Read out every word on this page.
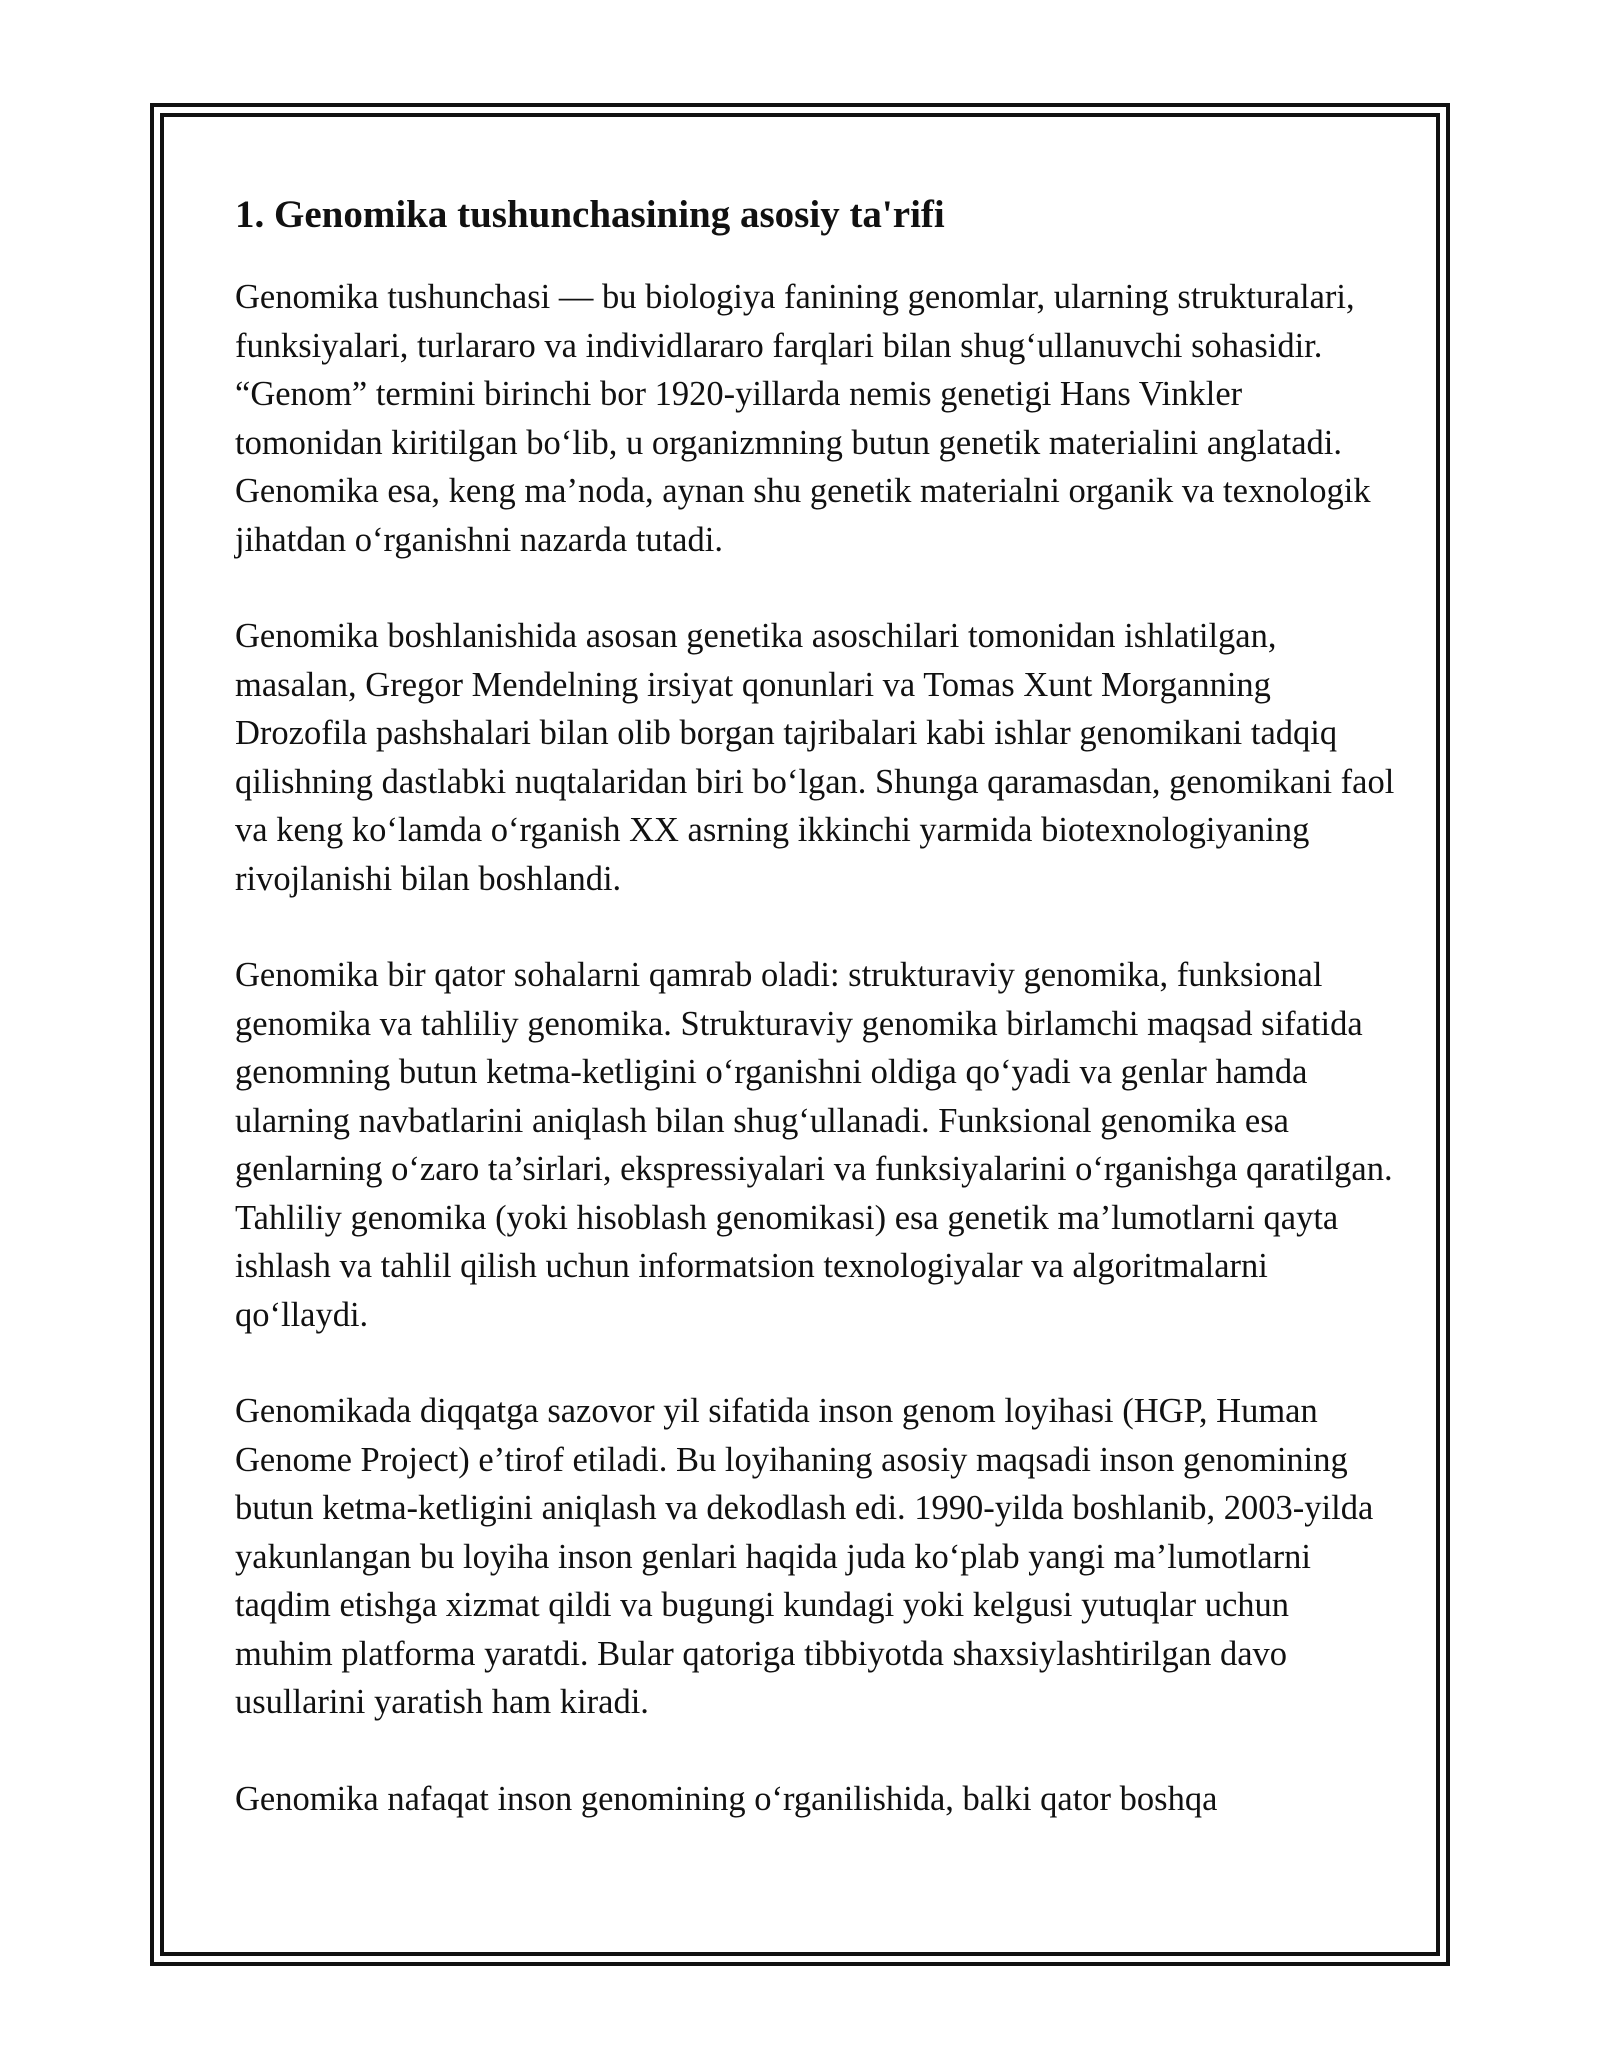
1. Genomika tushunchasining asosiy ta'rifi

Genomika tushunchasi — bu biologiya fanining genomlar, ularning strukturalari, funksiyalari, turlararo va individlararo farqlari bilan shug‘ullanuvchi sohasidir. “Genom” termini birinchi bor 1920-yillarda nemis genetigi Hans Vinkler tomonidan kiritilgan bo‘lib, u organizmning butun genetik materialini anglatadi. Genomika esa, keng ma’noda, aynan shu genetik materialni organik va texnologik jihatdan o‘rganishni nazarda tutadi.

Genomika boshlanishida asosan genetika asoschilari tomonidan ishlatilgan, masalan, Gregor Mendelning irsiyat qonunlari va Tomas Xunt Morganning Drozofila pashshalari bilan olib borgan tajribalari kabi ishlar genomikani tadqiq qilishning dastlabki nuqtalaridan biri bo‘lgan. Shunga qaramasdan, genomikani faol va keng ko‘lamda o‘rganish XX asrning ikkinchi yarmida biotexnologiyaning rivojlanishi bilan boshlandi.

Genomika bir qator sohalarni qamrab oladi: strukturaviy genomika, funksional genomika va tahliliy genomika. Strukturaviy genomika birlamchi maqsad sifatida genomning butun ketma-ketligini o‘rganishni oldiga qo‘yadi va genlar hamda ularning navbatlarini aniqlash bilan shug‘ullanadi. Funksional genomika esa genlarning o‘zaro ta’sirlari, ekspressiyalari va funksiyalarini o‘rganishga qaratilgan. Tahliliy genomika (yoki hisoblash genomikasi) esa genetik ma’lumotlarni qayta ishlash va tahlil qilish uchun informatsion texnologiyalar va algoritmalarni qo‘llaydi.

Genomikada diqqatga sazovor yil sifatida inson genom loyihasi (HGP, Human Genome Project) e’tirof etiladi. Bu loyihaning asosiy maqsadi inson genomining butun ketma-ketligini aniqlash va dekodlash edi. 1990-yilda boshlanib, 2003-yilda yakunlangan bu loyiha inson genlari haqida juda ko‘plab yangi ma’lumotlarni taqdim etishga xizmat qildi va bugungi kundagi yoki kelgusi yutuqlar uchun muhim platforma yaratdi. Bular qatoriga tibbiyotda shaxsiylashtirilgan davo usullarini yaratish ham kiradi.

Genomika nafaqat inson genomining o‘rganilishida, balki qator boshqa
